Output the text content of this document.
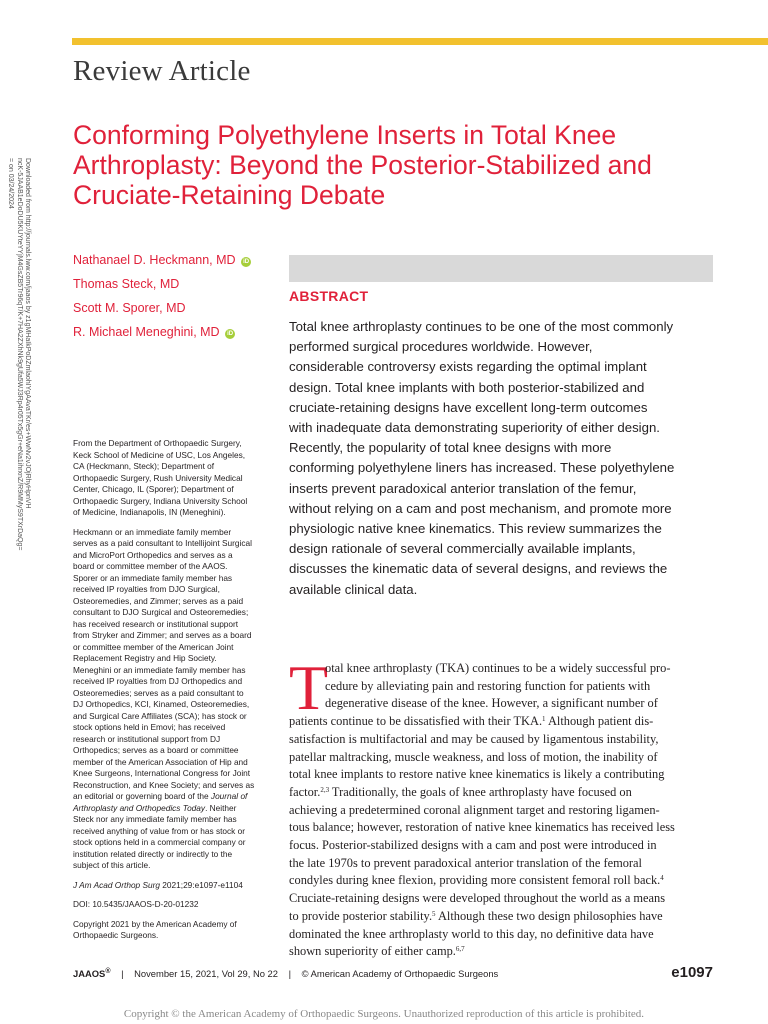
Review Article
Conforming Polyethylene Inserts in Total Knee
Arthroplasty: Beyond the Posterior-Stabilized and
Cruciate-Retaining Debate
Downloaded from http://journals.lww.com/jaaos by z1gMHaIkPoDZmlaohIYgAAvaTKr/es+WwNv2vJOjRhyHpnVH
ncK-5JAAB1eDoDU5KUYteYYjM4GsZB5Tr96qT/K+7HA2ZXhNk9gUfa5WJ3Rp4r05Tx5gGr+eNa1ihrxnZ/R9MMyS9TXrDaQg=
= on 03/24/2024
Nathanael D. Heckmann, MD iD
Thomas Steck, MD
Scott M. Sporer, MD
R. Michael Meneghini, MD iD
ABSTRACT
Total knee arthroplasty continues to be one of the most commonly
performed surgical procedures worldwide. However,
considerable controversy exists regarding the optimal implant
design. Total knee implants with both posterior-stabilized and
cruciate-retaining designs have excellent long-term outcomes
with inadequate data demonstrating superiority of either design.
Recently, the popularity of total knee designs with more
conforming polyethylene liners has increased. These polyethylene
inserts prevent paradoxical anterior translation of the femur,
without relying on a cam and post mechanism, and promote more
physiologic native knee kinematics. This review summarizes the
design rationale of several commercially available implants,
discusses the kinematic data of several designs, and reviews the
available clinical data.
From the Department of Orthopaedic Surgery,
Keck School of Medicine of USC, Los Angeles,
CA (Heckmann, Steck); Department of
Orthopaedic Surgery, Rush University Medical
Center, Chicago, IL (Sporer); Department of
Orthopaedic Surgery, Indiana University School
of Medicine, Indianapolis, IN (Meneghini).
Heckmann or an immediate family member
serves as a paid consultant to Intellijoint Surgical
and MicroPort Orthopedics and serves as a
board or committee member of the AAOS.
Sporer or an immediate family member has
received IP royalties from DJO Surgical,
Osteoremedies, and Zimmer; serves as a paid
consultant to DJO Surgical and Osteoremedies;
has received research or institutional support
from Stryker and Zimmer; and serves as a board
or committee member of the American Joint
Replacement Registry and Hip Society.
Meneghini or an immediate family member has
received IP royalties from DJ Orthopedics and
Osteoremedies; serves as a paid consultant to
DJ Orthopedics, KCI, Kinamed, Osteoremedies,
and Surgical Care Affiliates (SCA); has stock or
stock options held in Emovi; has received
research or institutional support from DJ
Orthopedics; serves as a board or committee
member of the American Association of Hip and
Knee Surgeons, International Congress for Joint
Reconstruction, and Knee Society; and serves as
an editorial or governing board of the Journal of
Arthroplasty and Orthopedics Today. Neither
Steck nor any immediate family member has
received anything of value from or has stock or
stock options held in a commercial company or
institution related directly or indirectly to the
subject of this article.
J Am Acad Orthop Surg 2021;29:e1097-e1104
DOI: 10.5435/JAAOS-D-20-01232
Copyright 2021 by the American Academy of
Orthopaedic Surgeons.
T
otal knee arthroplasty (TKA) continues to be a widely successful pro-
cedure by alleviating pain and restoring function for patients with
degenerative disease of the knee. However, a significant number of
patients continue to be dissatisfied with their TKA.$^1$ Although patient dis-
satisfaction is multifactorial and may be caused by ligamentous instability,
patellar maltracking, muscle weakness, and loss of motion, the inability of
total knee implants to restore native knee kinematics is likely a contributing
factor.$^{2,3}$ Traditionally, the goals of knee arthroplasty have focused on
achieving a predetermined coronal alignment target and restoring ligamen-
tous balance; however, restoration of native knee kinematics has received less
focus. Posterior-stabilized designs with a cam and post were introduced in
the late 1970s to prevent paradoxical anterior translation of the femoral
condyles during knee flexion, providing more consistent femoral roll back.$^4$
Cruciate-retaining designs were developed throughout the world as a means
to provide posterior stability.$^5$ Although these two design philosophies have
dominated the knee arthroplasty world to this day, no definitive data have
shown superiority of either camp.$^{6,7}$
JAAOS® | November 15, 2021, Vol 29, No 22 | © American Academy of Orthopaedic Surgeons	e1097
Copyright © the American Academy of Orthopaedic Surgeons. Unauthorized reproduction of this article is prohibited.
